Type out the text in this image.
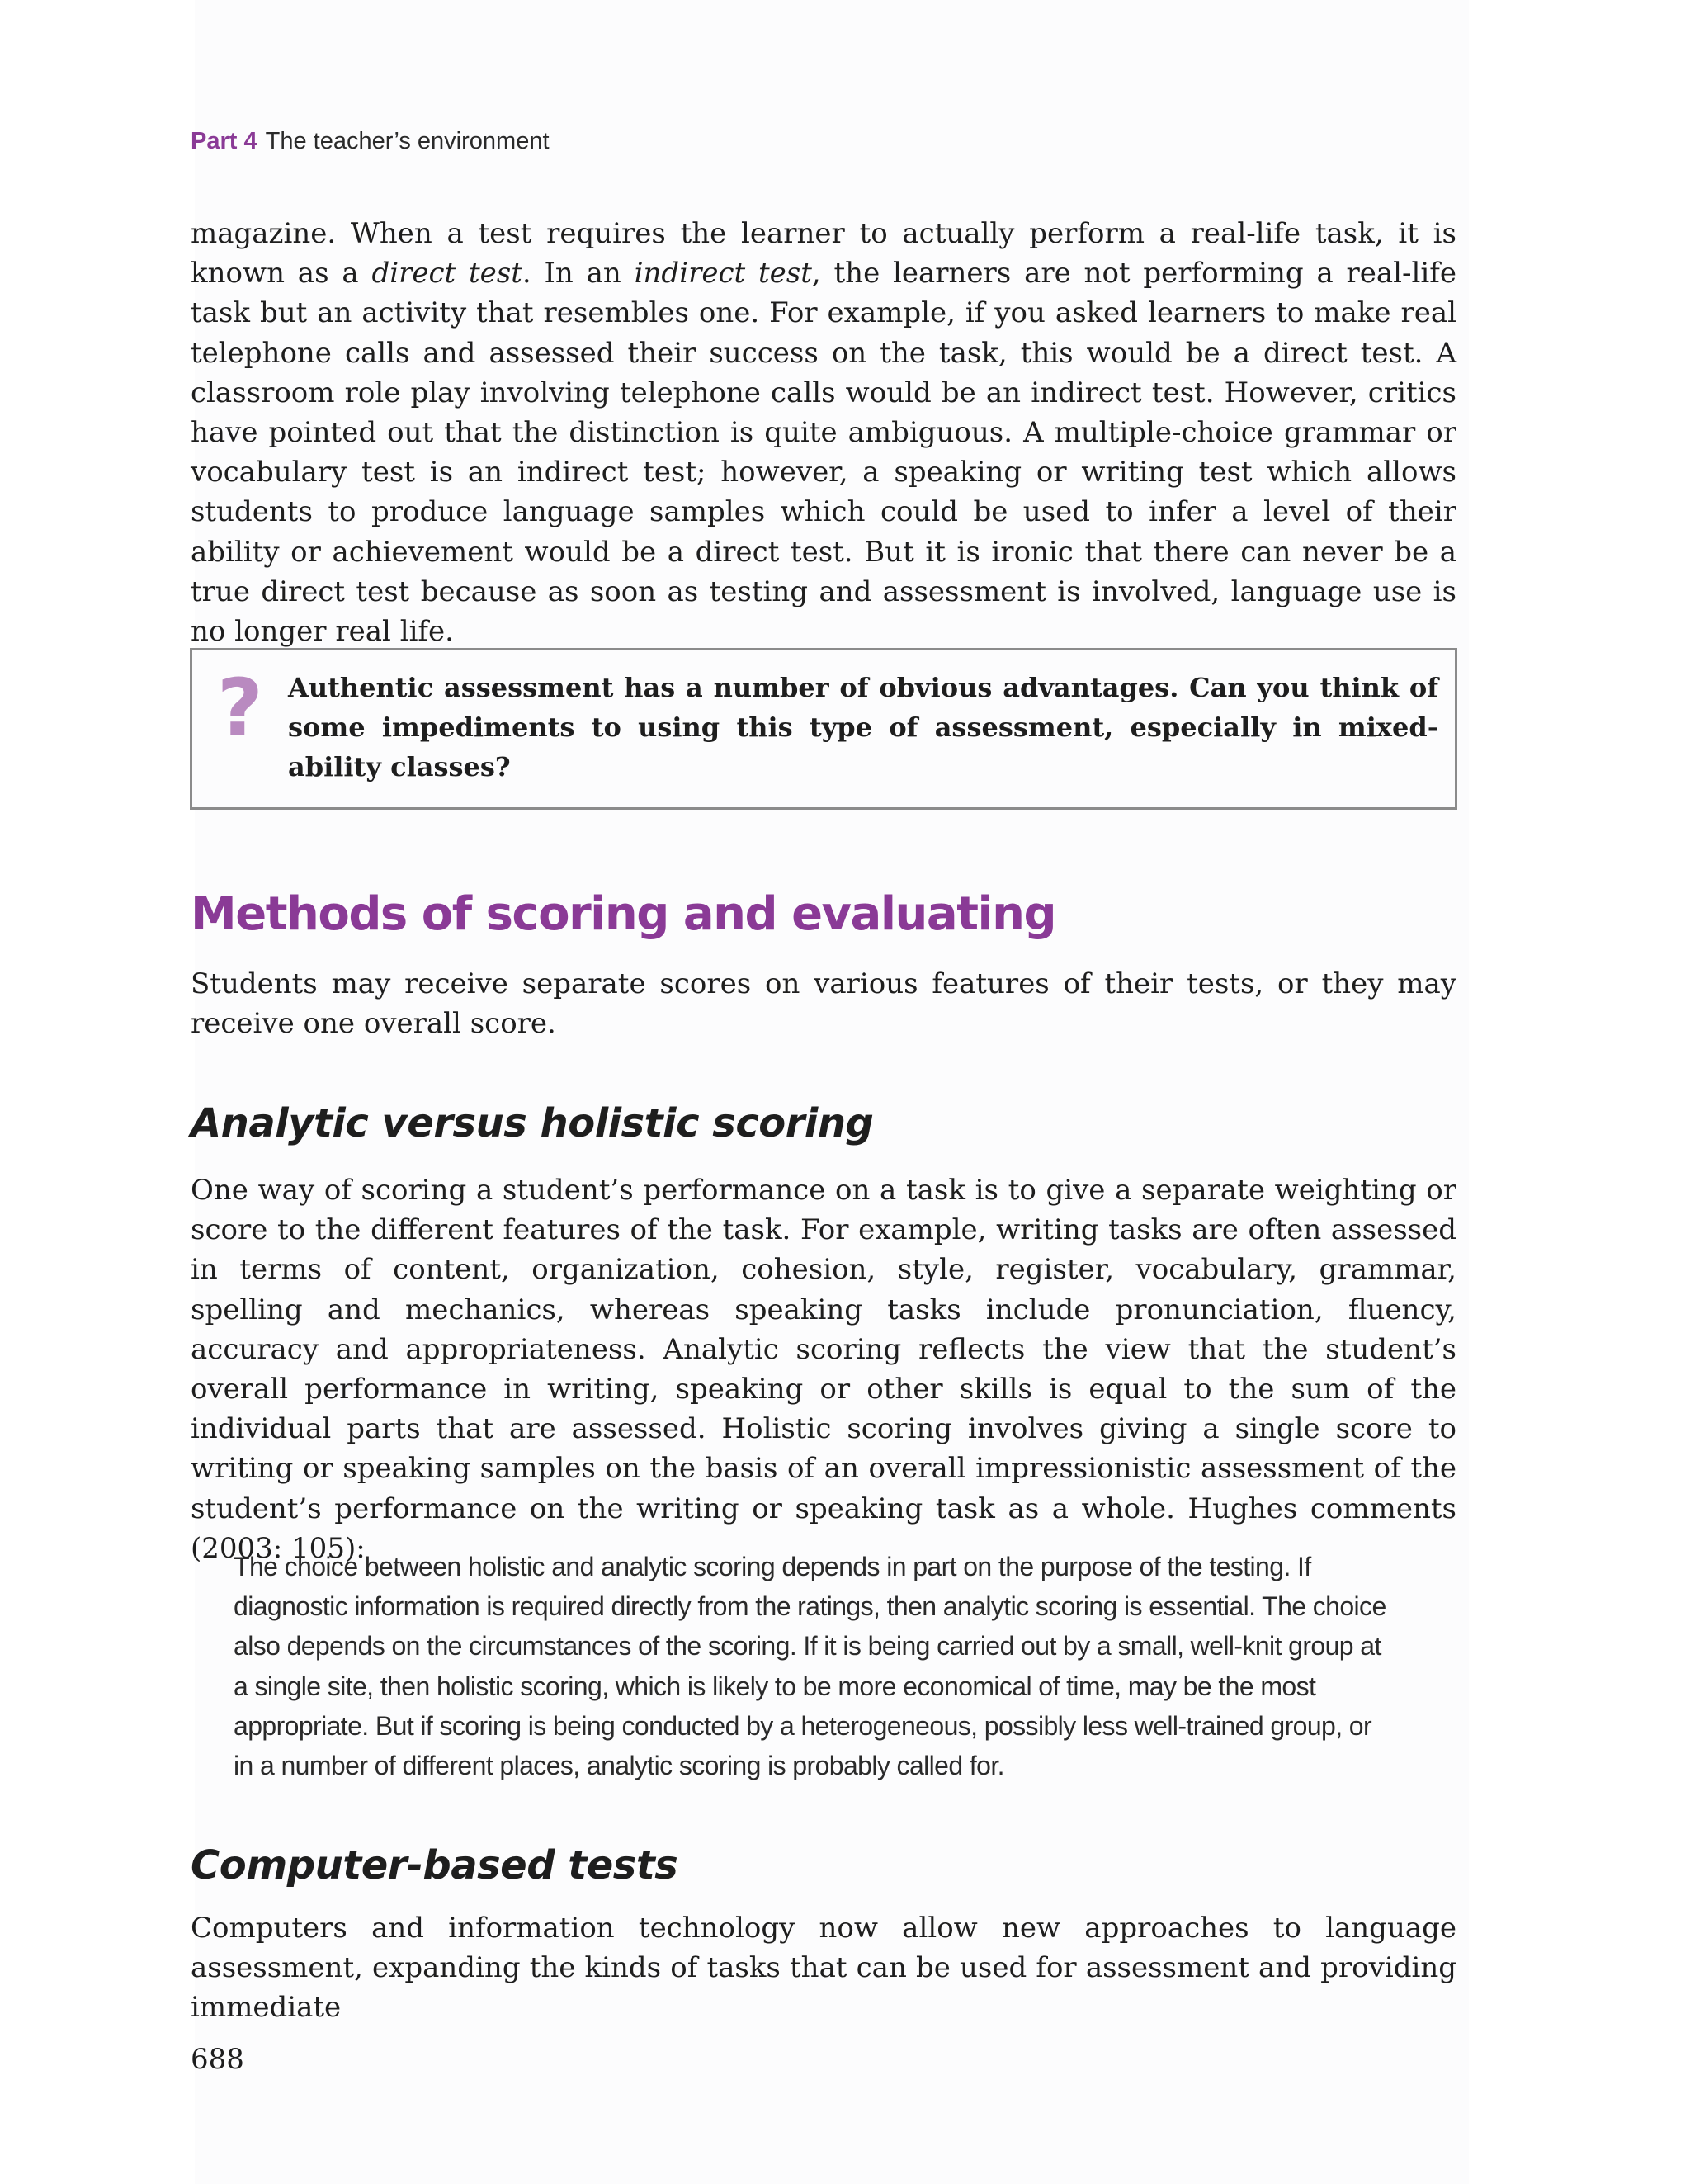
Part 4 The teacher’s environment

magazine. When a test requires the learner to actually perform a real-life task, it is known as a direct test. In an indirect test, the learners are not performing a real-life task but an activity that resembles one. For example, if you asked learners to make real telephone calls and assessed their success on the task, this would be a direct test. A classroom role play involving telephone calls would be an indirect test. However, critics have pointed out that the distinction is quite ambiguous. A multiple-choice grammar or vocabulary test is an indirect test; however, a speaking or writing test which allows students to produce language samples which could be used to infer a level of their ability or achievement would be a direct test. But it is ironic that there can never be a true direct test because as soon as testing and assessment is involved, language use is no longer real life.

? Authentic assessment has a number of obvious advantages. Can you think of some impediments to using this type of assessment, especially in mixed-ability classes?

Methods of scoring and evaluating

Students may receive separate scores on various features of their tests, or they may receive one overall score.

Analytic versus holistic scoring

One way of scoring a student’s performance on a task is to give a separate weighting or score to the different features of the task. For example, writing tasks are often assessed in terms of content, organization, cohesion, style, register, vocabulary, grammar, spelling and mechanics, whereas speaking tasks include pronunciation, fluency, accuracy and appropriateness. Analytic scoring reflects the view that the student’s overall performance in writing, speaking or other skills is equal to the sum of the individual parts that are assessed. Holistic scoring involves giving a single score to writing or speaking samples on the basis of an overall impressionistic assessment of the student’s performance on the writing or speaking task as a whole. Hughes comments (2003: 105):

The choice between holistic and analytic scoring depends in part on the purpose of the testing. If diagnostic information is required directly from the ratings, then analytic scoring is essential. The choice also depends on the circumstances of the scoring. If it is being carried out by a small, well-knit group at a single site, then holistic scoring, which is likely to be more economical of time, may be the most appropriate. But if scoring is being conducted by a heterogeneous, possibly less well-trained group, or in a number of different places, analytic scoring is probably called for.

Computer-based tests

Computers and information technology now allow new approaches to language assessment, expanding the kinds of tasks that can be used for assessment and providing immediate

688
